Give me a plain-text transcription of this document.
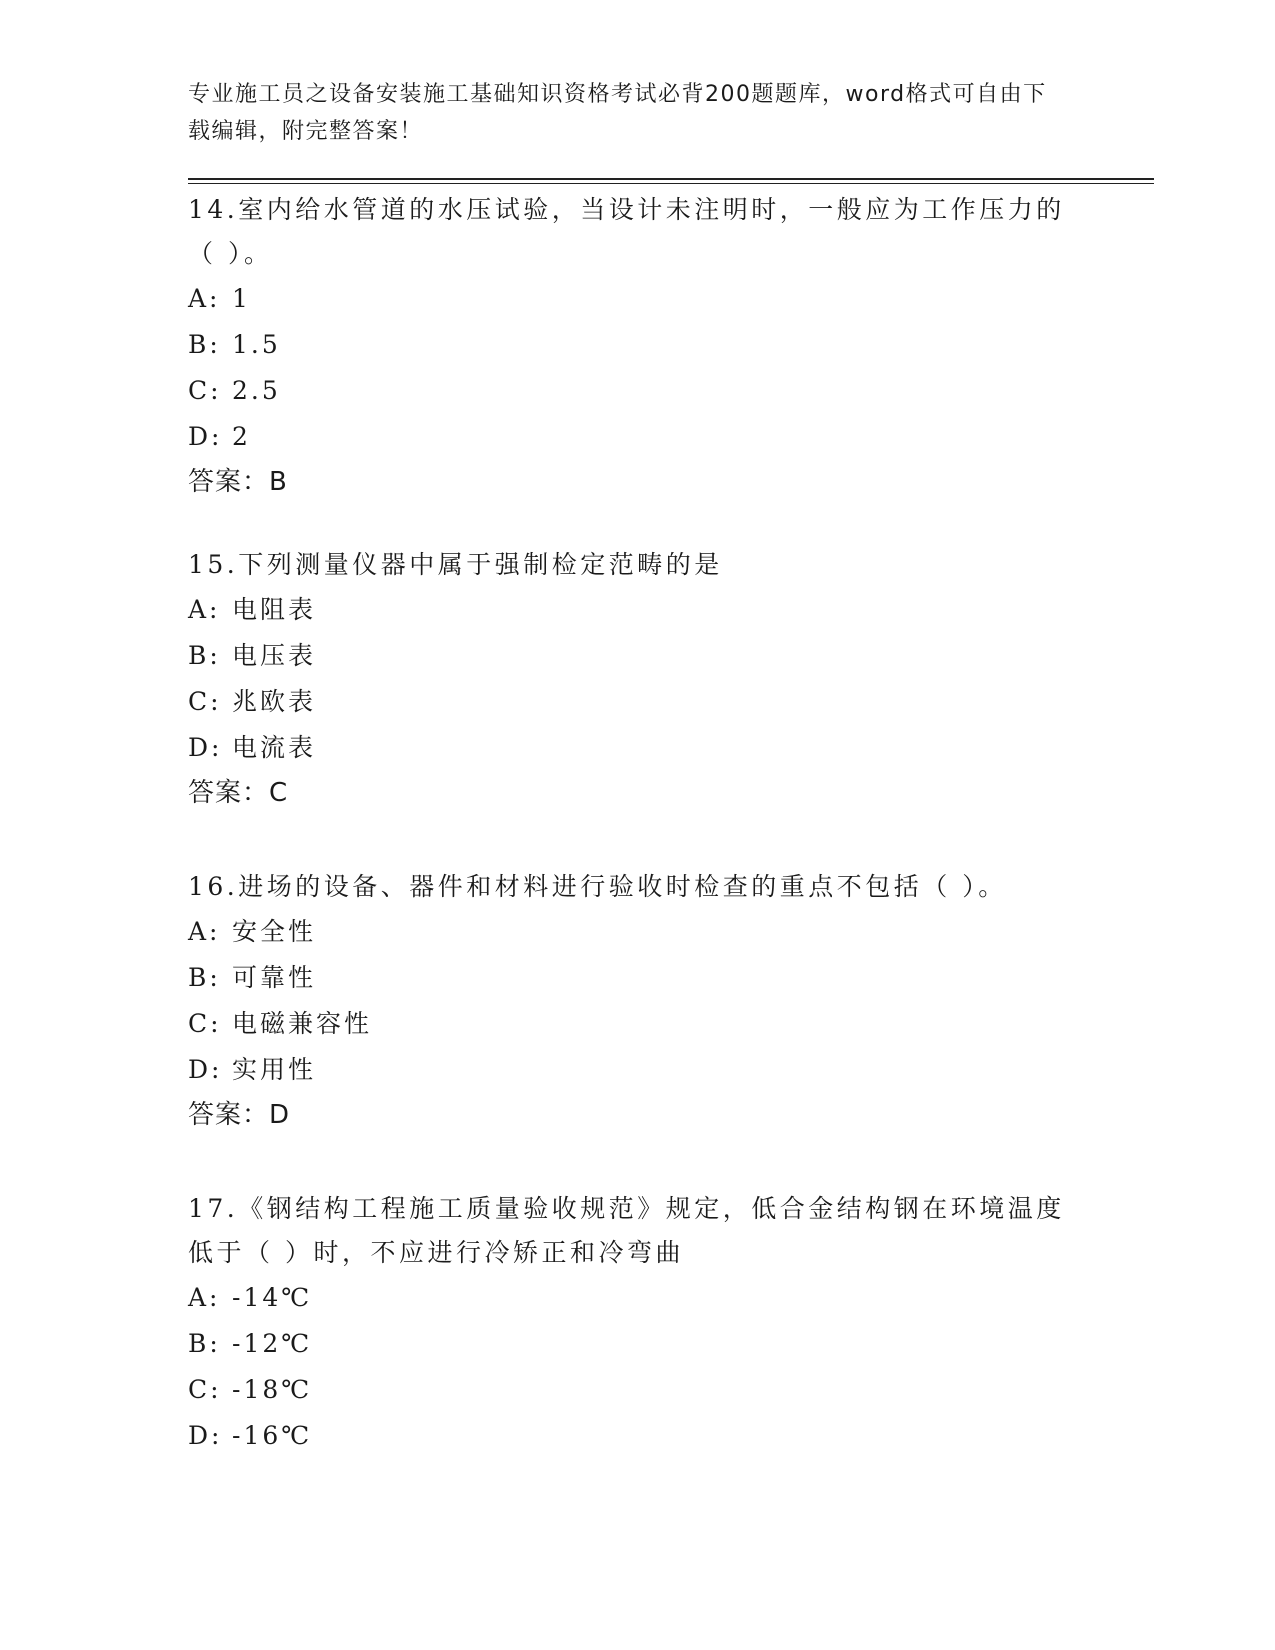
专业施工员之设备安装施工基础知识资格考试必背200题题库，word格式可自由下载编辑，附完整答案！

14.室内给水管道的水压试验，当设计未注明时，一般应为工作压力的（ ）。

A: 1
B: 1.5
C: 2.5
D: 2
答案：B

15.下列测量仪器中属于强制检定范畴的是

A: 电阻表
B: 电压表
C: 兆欧表
D: 电流表
答案：C

16.进场的设备、器件和材料进行验收时检查的重点不包括（ ）。

A: 安全性
B: 可靠性
C: 电磁兼容性
D: 实用性
答案：D

17.《钢结构工程施工质量验收规范》规定，低合金结构钢在环境温度低于（ ）时，不应进行冷矫正和冷弯曲

A: -14℃
B: -12℃
C: -18℃
D: -16℃
